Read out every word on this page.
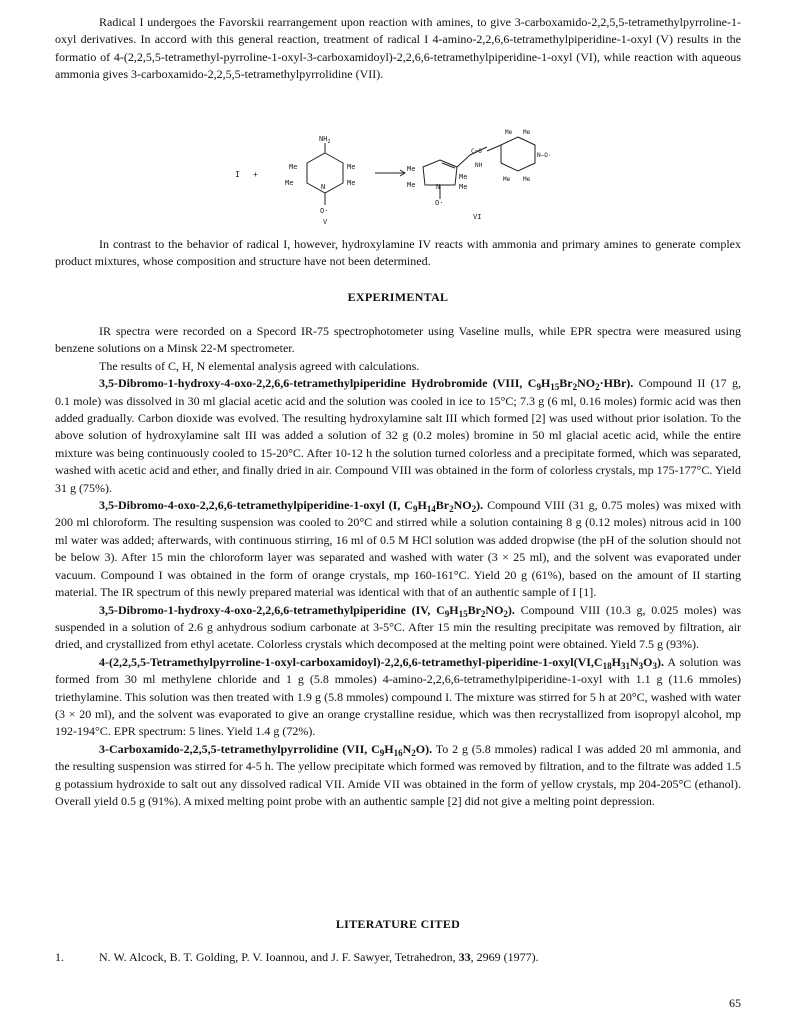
Radical I undergoes the Favorskii rearrangement upon reaction with amines, to give 3-carboxamido-2,2,5,5-tetramethylpyrroline-1-oxyl derivatives. In accord with this general reaction, treatment of radical I 4-amino-2,2,6,6-tetramethylpiperidine-1-oxyl (V) results in the formatio of 4-(2,2,5,5-tetramethyl-pyrroline-1-oxyl-3-carboxamidoyl)-2,2,6,6-tetramethylpiperidine-1-oxyl (VI), while reaction with aqueous ammonia gives 3-carboxamido-2,2,5,5-tetramethylpyrrolidine (VII).

I +
$NH_2$
Me
Me
Me
Me
N
O·
V
Me
Me
Me
Me
N
O·
C=O
NH
N—O·
Me Me
Me Me
VI

In contrast to the behavior of radical I, however, hydroxylamine IV reacts with ammonia and primary amines to generate complex product mixtures, whose composition and structure have not been determined.

EXPERIMENTAL

IR spectra were recorded on a Specord IR-75 spectrophotometer using Vaseline mulls, while EPR spectra were measured using benzene solutions on a Minsk 22-M spectrometer.

The results of C, H, N elemental analysis agreed with calculations.

3,5-Dibromo-1-hydroxy-4-oxo-2,2,6,6-tetramethylpiperidine Hydrobromide (VIII, $C_9H_{15}Br_2NO_2\cdot HBr$). Compound II (17 g, 0.1 mole) was dissolved in 30 ml glacial acetic acid and the solution was cooled in ice to 15°C; 7.3 g (6 ml, 0.16 moles) formic acid was then added gradually. Carbon dioxide was evolved. The resulting hydroxylamine salt III which formed [2] was used without prior isolation. To the above solution of hydroxylamine salt III was added a solution of 32 g (0.2 moles) bromine in 50 ml glacial acetic acid, while the entire mixture was being continuously cooled to 15-20°C. After 10-12 h the solution turned colorless and a precipitate formed, which was separated, washed with acetic acid and ether, and finally dried in air. Compound VIII was obtained in the form of colorless crystals, mp 175-177°C. Yield 31 g (75%).

3,5-Dibromo-4-oxo-2,2,6,6-tetramethylpiperidine-1-oxyl (I, $C_9H_{14}Br_2NO_2$). Compound VIII (31 g, 0.75 moles) was mixed with 200 ml chloroform. The resulting suspension was cooled to 20°C and stirred while a solution containing 8 g (0.12 moles) nitrous acid in 100 ml water was added; afterwards, with continuous stirring, 16 ml of 0.5 M HCl solution was added dropwise (the pH of the solution should not be below 3). After 15 min the chloroform layer was separated and washed with water (3 × 25 ml), and the solvent was evaporated under vacuum. Compound I was obtained in the form of orange crystals, mp 160-161°C. Yield 20 g (61%), based on the amount of II starting material. The IR spectrum of this newly prepared material was identical with that of an authentic sample of I [1].

3,5-Dibromo-1-hydroxy-4-oxo-2,2,6,6-tetramethylpiperidine (IV, $C_9H_{15}Br_2NO_2$). Compound VIII (10.3 g, 0.025 moles) was suspended in a solution of 2.6 g anhydrous sodium carbonate at 3-5°C. After 15 min the resulting precipitate was removed by filtration, air dried, and crystallized from ethyl acetate. Colorless crystals which decomposed at the melting point were obtained. Yield 7.5 g (93%).

$4-(2,2,5,5-Tetramethylpyrroline-1-oxyl-carboxamidoyl)-2,2,6,6-tetramethyl-piperidine-1-oxyl(VI,C_{18}H_{31}N_3O_3)$. A solution was formed from 30 ml methylene chloride and 1 g (5.8 mmoles) 4-amino-2,2,6,6-tetramethylpiperidine-1-oxyl with 1.1 g (11.6 mmoles) triethylamine. This solution was then treated with 1.9 g (5.8 mmoles) compound I. The mixture was stirred for 5 h at 20°C, washed with water (3 × 20 ml), and the solvent was evaporated to give an orange crystalline residue, which was then recrystallized from isopropyl alcohol, mp 192-194°C. EPR spectrum: 5 lines. Yield 1.4 g (72%).

3-Carboxamido-2,2,5,5-tetramethylpyrrolidine (VII, $C_9H_{16}N_2O$). To 2 g (5.8 mmoles) radical I was added 20 ml ammonia, and the resulting suspension was stirred for 4-5 h. The yellow precipitate which formed was removed by filtration, and to the filtrate was added 1.5 g potassium hydroxide to salt out any dissolved radical VII. Amide VII was obtained in the form of yellow crystals, mp 204-205°C (ethanol). Overall yield 0.5 g (91%). A mixed melting point probe with an authentic sample [2] did not give a melting point depression.

LITERATURE CITED
1.	N. W. Alcock, B. T. Golding, P. V. Ioannou, and J. F. Sawyer, Tetrahedron, 33, 2969 (1977).
65
